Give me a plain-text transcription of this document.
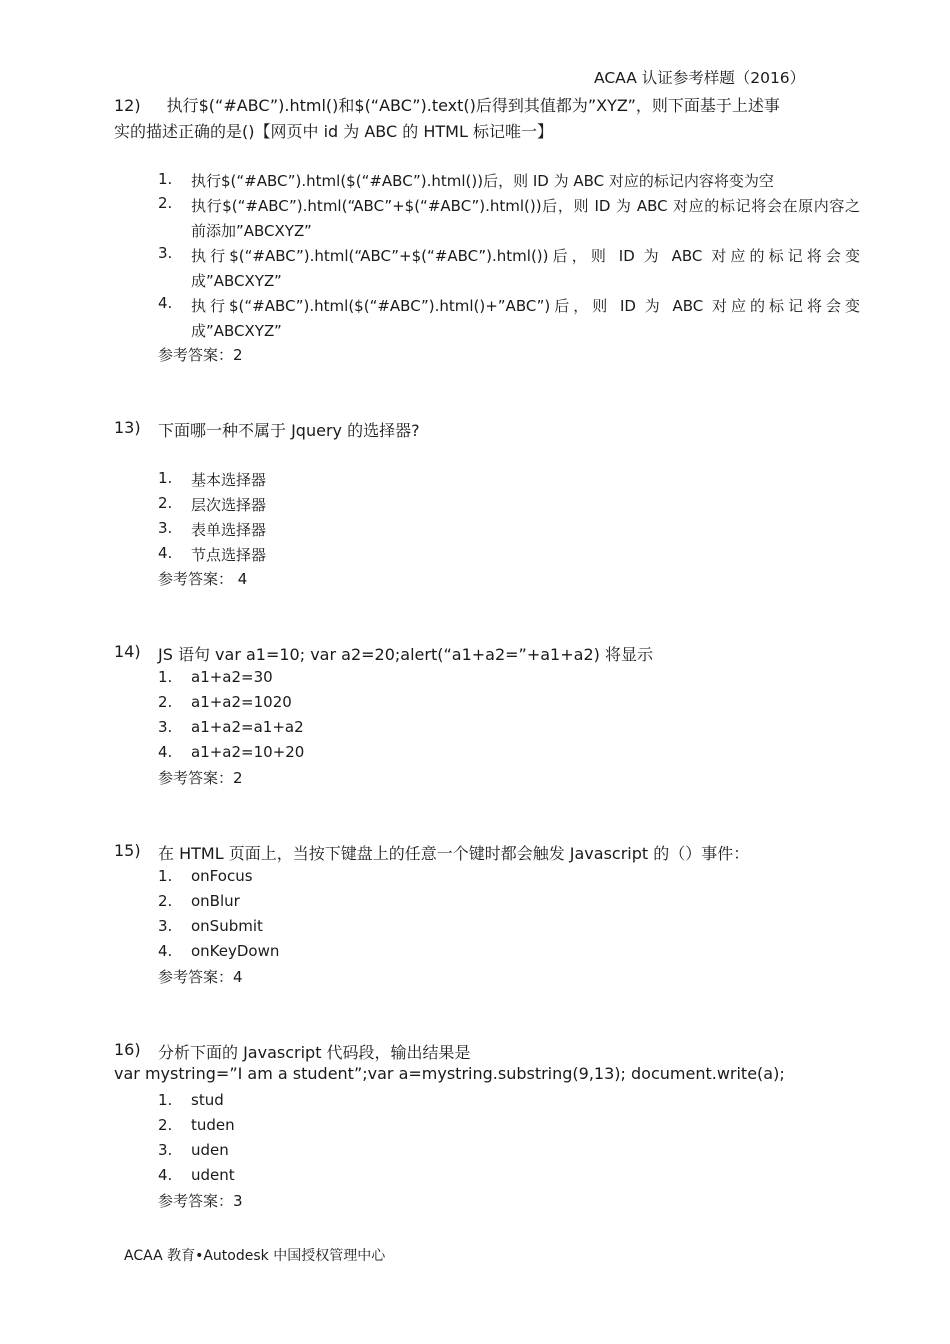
ACAA 认证参考样题（2016）
12) 执行$(“#ABC”).html()和$(“ABC”).text()后得到其值都为”XYZ”，则下面基于上述事
实的描述正确的是()【网页中 id 为 ABC 的 HTML 标记唯一】
1. 执行$(“#ABC”).html($(“#ABC”).html())后，则 ID 为 ABC 对应的标记内容将变为空
2. 执行$(“#ABC”).html(“ABC”+$(“#ABC”).html())后，则 ID 为 ABC 对应的标记将会在原内容之前添加”ABCXYZ”
3. 执行$(“#ABC”).html(“ABC”+$(“#ABC”).html())后，则 ID 为 ABC 对应的标记将会变成”ABCXYZ”
4. 执行$(“#ABC”).html($(“#ABC”).html()+”ABC”)后，则 ID 为 ABC 对应的标记将会变成”ABCXYZ”
参考答案：2
13) 下面哪一种不属于 Jquery 的选择器?
1. 基本选择器
2. 层次选择器
3. 表单选择器
4. 节点选择器
参考答案： 4
14) JS 语句 var a1=10; var a2=20;alert(“a1+a2=”+a1+a2) 将显示
1. a1+a2=30
2. a1+a2=1020
3. a1+a2=a1+a2
4. a1+a2=10+20
参考答案：2
15) 在 HTML 页面上，当按下键盘上的任意一个键时都会触发 Javascript 的（）事件：
1. onFocus
2. onBlur
3. onSubmit
4. onKeyDown
参考答案：4
16) 分析下面的 Javascript 代码段，输出结果是
var mystring=”I am a student”;var a=mystring.substring(9,13); document.write(a);
1. stud
2. tuden
3. uden
4. udent
参考答案：3
ACAA 教育•Autodesk 中国授权管理中心
